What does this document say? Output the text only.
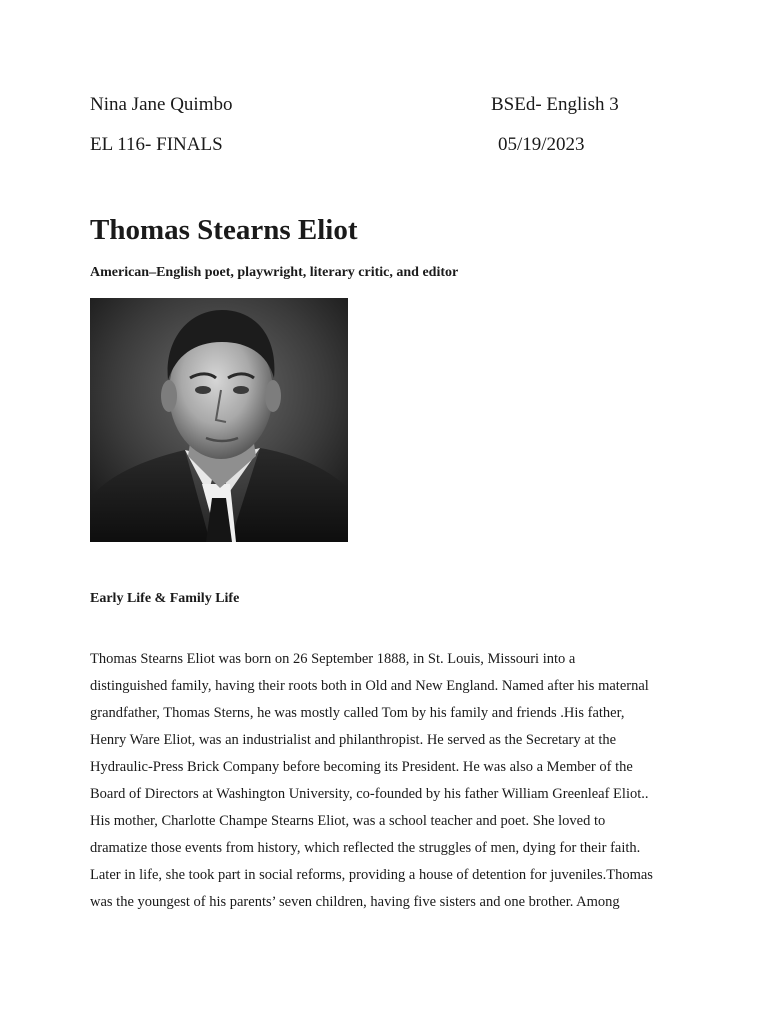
Nina Jane Quimbo	BSEd- English 3
EL 116- FINALS	05/19/2023
Thomas Stearns Eliot
American–English poet, playwright, literary critic, and editor
Early Life & Family Life
Thomas Stearns Eliot was born on 26 September 1888, in St. Louis, Missouri into a
distinguished family, having their roots both in Old and New England. Named after his maternal
grandfather, Thomas Sterns, he was mostly called Tom by his family and friends .His father,
Henry Ware Eliot, was an industrialist and philanthropist. He served as the Secretary at the
Hydraulic-Press Brick Company before becoming its President. He was also a Member of the
Board of Directors at Washington University, co-founded by his father William Greenleaf Eliot..
His mother, Charlotte Champe Stearns Eliot, was a school teacher and poet. She loved to
dramatize those events from history, which reflected the struggles of men, dying for their faith.
Later in life, she took part in social reforms, providing a house of detention for juveniles.Thomas
was the youngest of his parents’ seven children, having five sisters and one brother. Among
